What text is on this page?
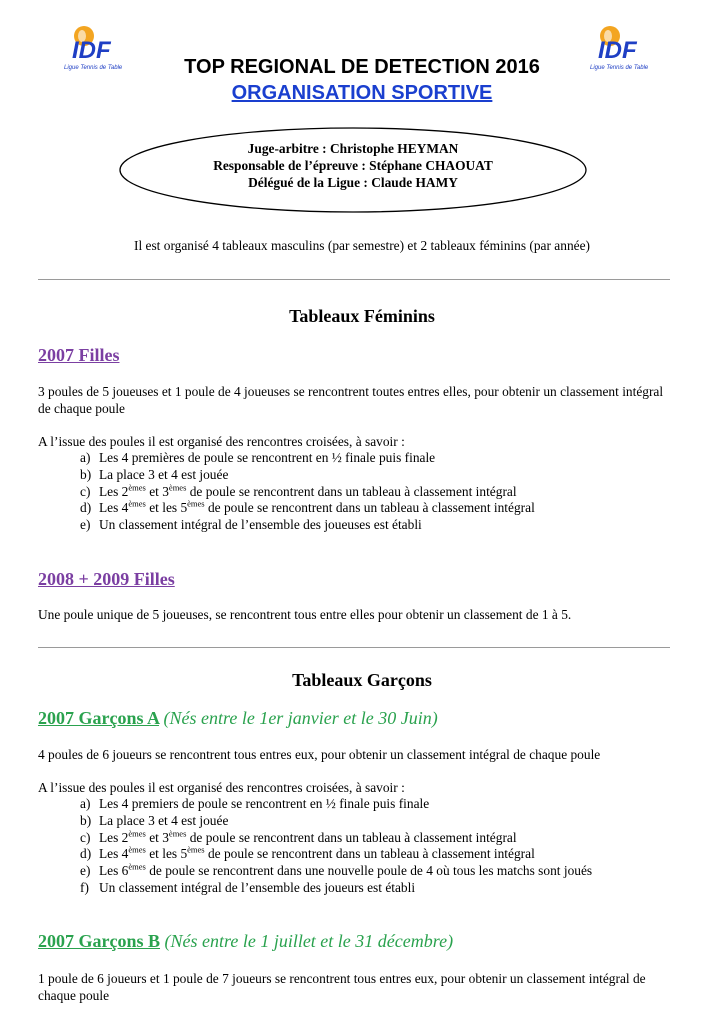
IDF
Ligue Tennis de Table
IDF
Ligue Tennis de Table
TOP REGIONAL DE DETECTION 2016
ORGANISATION SPORTIVE
Juge-arbitre : Christophe HEYMAN
Responsable de l’épreuve : Stéphane CHAOUAT
Délégué de la Ligue : Claude HAMY
Il est organisé 4 tableaux masculins (par semestre) et 2 tableaux féminins (par année)
Tableaux Féminins
2007 Filles
3 poules de 5 joueuses et 1 poule de 4 joueuses se rencontrent toutes entres elles, pour obtenir un classement intégral de chaque poule
A l’issue des poules il est organisé des rencontres croisées, à savoir :
a) Les 4 premières de poule se rencontrent en ½ finale puis finale
b) La place 3 et 4 est jouée
c) Les 2èmes et 3èmes de poule se rencontrent dans un tableau à classement intégral
d) Les 4èmes et les 5èmes de poule se rencontrent dans un tableau à classement intégral
e) Un classement intégral de l’ensemble des joueuses est établi
2008 + 2009 Filles
Une poule unique de 5 joueuses, se rencontrent tous entre elles pour obtenir un classement de 1 à 5.
Tableaux Garçons
2007 Garçons A (Nés entre le 1er janvier et le 30 Juin)
4 poules de 6 joueurs se rencontrent tous entres eux, pour obtenir un classement intégral de chaque poule
A l’issue des poules il est organisé des rencontres croisées, à savoir :
a) Les 4 premiers de poule se rencontrent en ½ finale puis finale
b) La place 3 et 4 est jouée
c) Les 2èmes et 3èmes de poule se rencontrent dans un tableau à classement intégral
d) Les 4èmes et les 5èmes de poule se rencontrent dans un tableau à classement intégral
e) Les 6èmes de poule se rencontrent dans une nouvelle poule de 4 où tous les matchs sont joués
f) Un classement intégral de l’ensemble des joueurs est établi
2007 Garçons B (Nés entre le 1 juillet et le 31 décembre)
1 poule de 6 joueurs et 1 poule de 7 joueurs se rencontrent tous entres eux, pour obtenir un classement intégral de chaque poule
